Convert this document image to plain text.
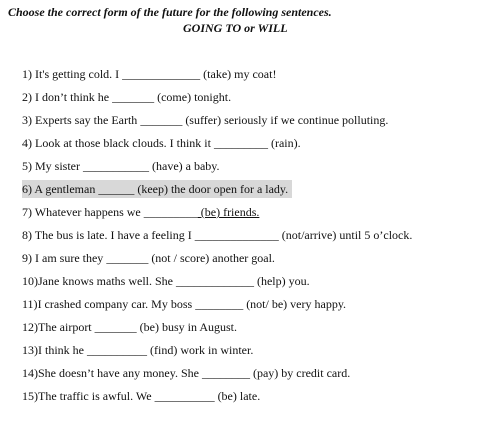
Choose the correct form of the future for the following sentences.
GOING TO or WILL
1) It's getting cold. I _____________ (take) my coat!
2) I don’t think he _______ (come) tonight.
3) Experts say the Earth _______ (suffer) seriously if we continue polluting.
4) Look at those black clouds. I think it _________ (rain).
5) My sister ___________ (have) a baby.
6) A gentleman ______ (keep) the door open for a lady.
7) Whatever happens we _________ (be) friends.
8) The bus is late. I have a feeling I ______________ (not/arrive) until 5 o’clock.
9) I am sure they _______ (not / score) another goal.
10)Jane knows maths well. She _____________ (help) you.
11)I crashed company car. My boss ________ (not/ be) very happy.
12)The airport _______ (be) busy in August.
13)I think he __________ (find) work in winter.
14)She doesn’t have any money. She ________ (pay) by credit card.
15)The traffic is awful. We __________ (be) late.
